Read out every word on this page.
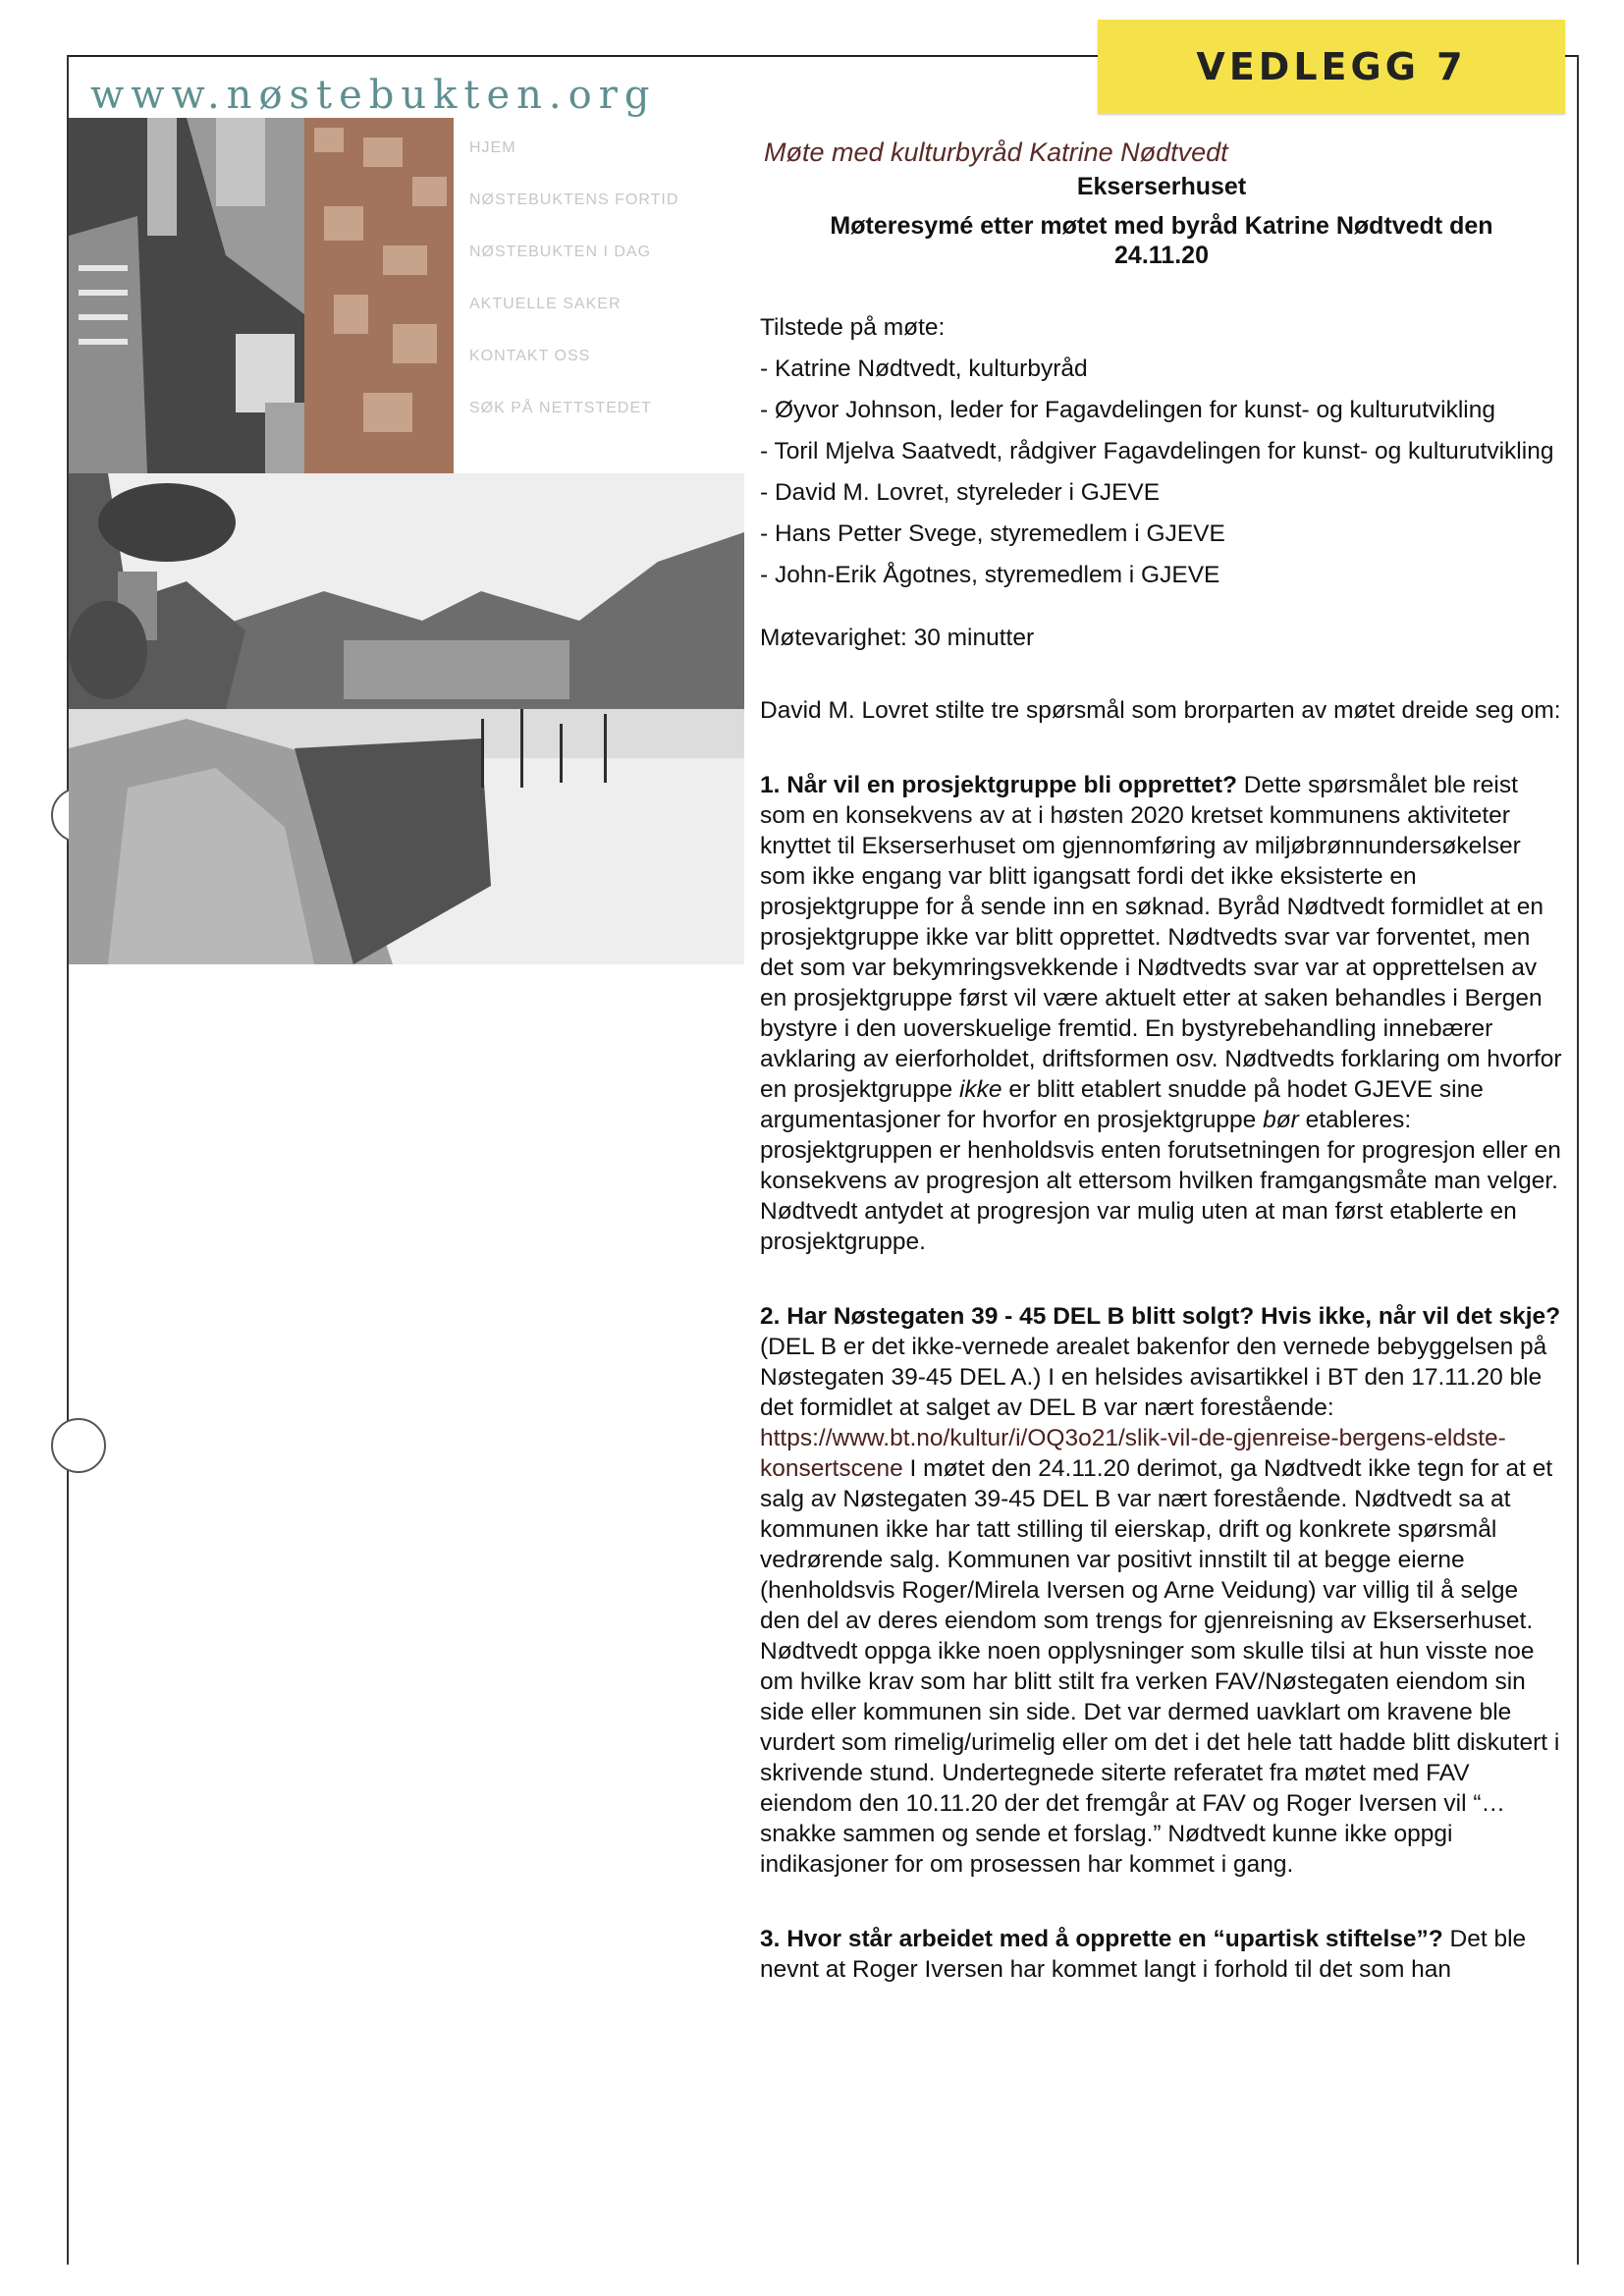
VEDLEGG 7
www.nøstebukten.org
HJEM
NØSTEBUKTENS FORTID
NØSTEBUKTEN I DAG
AKTUELLE SAKER
KONTAKT OSS
SØK PÅ NETTSTEDET

Møte med kulturbyråd Katrine Nødtvedt

Ekserserhuset

Møteresymé etter møtet med byråd Katrine Nødtvedt den

24.11.20

Tilstede på møte:

- Katrine Nødtvedt, kulturbyråd
- Øyvor Johnson, leder for Fagavdelingen for kunst- og kulturutvikling
- Toril Mjelva Saatvedt, rådgiver Fagavdelingen for kunst- og kulturutvikling
- David M. Lovret, styreleder i GJEVE
- Hans Petter Svege, styremedlem i GJEVE
- John-Erik Ågotnes, styremedlem i GJEVE

Møtevarighet: 30 minutter

David M. Lovret stilte tre spørsmål som brorparten av møtet dreide seg om:

1. Når vil en prosjektgruppe bli opprettet? Dette spørsmålet ble reist som en konsekvens av at i høsten 2020 kretset kommunens aktiviteter knyttet til Ekserserhuset om gjennomføring av miljøbrønnundersøkelser som ikke engang var blitt igangsatt fordi det ikke eksisterte en prosjektgruppe for å sende inn en søknad. Byråd Nødtvedt formidlet at en prosjektgruppe ikke var blitt opprettet. Nødtvedts svar var forventet, men det som var bekymringsvekkende i Nødtvedts svar var at opprettelsen av en prosjektgruppe først vil være aktuelt etter at saken behandles i Bergen bystyre i den uoverskuelige fremtid. En bystyrebehandling innebærer avklaring av eierforholdet, driftsformen osv. Nødtvedts forklaring om hvorfor en prosjektgruppe ikke er blitt etablert snudde på hodet GJEVE sine argumentasjoner for hvorfor en prosjektgruppe bør etableres: prosjektgruppen er henholdsvis enten forutsetningen for progresjon eller en konsekvens av progresjon alt ettersom hvilken framgangsmåte man velger. Nødtvedt antydet at progresjon var mulig uten at man først etablerte en prosjektgruppe.

2. Har Nøstegaten 39 - 45 DEL B blitt solgt? Hvis ikke, når vil det skje? (DEL B er det ikke-vernede arealet bakenfor den vernede bebyggelsen på Nøstegaten 39-45 DEL A.) I en helsides avisartikkel i BT den 17.11.20 ble det formidlet at salget av DEL B var nært forestående: https://www.bt.no/kultur/i/OQ3o21/slik-vil-de-gjenreise-bergens-eldste-konsertscene I møtet den 24.11.20 derimot, ga Nødtvedt ikke tegn for at et salg av Nøstegaten 39-45 DEL B var nært forestående. Nødtvedt sa at kommunen ikke har tatt stilling til eierskap, drift og konkrete spørsmål vedrørende salg. Kommunen var positivt innstilt til at begge eierne (henholdsvis Roger/Mirela Iversen og Arne Veidung) var villig til å selge den del av deres eiendom som trengs for gjenreisning av Ekserserhuset. Nødtvedt oppga ikke noen opplysninger som skulle tilsi at hun visste noe om hvilke krav som har blitt stilt fra verken FAV/Nøstegaten eiendom sin side eller kommunen sin side. Det var dermed uavklart om kravene ble vurdert som rimelig/urimelig eller om det i det hele tatt hadde blitt diskutert i skrivende stund. Undertegnede siterte referatet fra møtet med FAV eiendom den 10.11.20 der det fremgår at FAV og Roger Iversen vil “…snakke sammen og sende et forslag.” Nødtvedt kunne ikke oppgi indikasjoner for om prosessen har kommet i gang.

3. Hvor står arbeidet med å opprette en “upartisk stiftelse”? Det ble nevnt at Roger Iversen har kommet langt i forhold til det som han
